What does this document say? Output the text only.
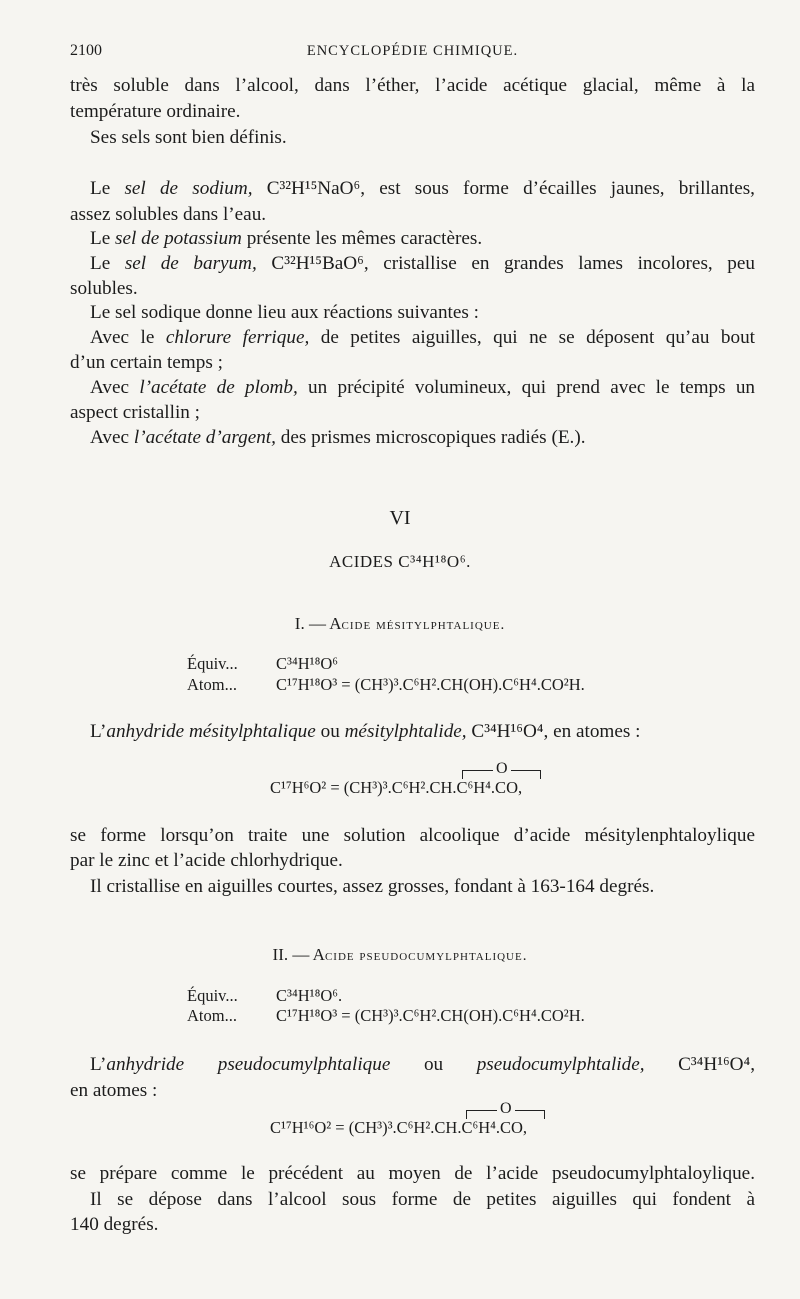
2100	ENCYCLOPÉDIE CHIMIQUE.
très soluble dans l’alcool, dans l’éther, l’acide acétique glacial, même à la
température ordinaire.
Ses sels sont bien définis.
Le sel de sodium, C³²H¹⁵NaO⁶, est sous forme d’écailles jaunes, brillantes,
assez solubles dans l’eau.
Le sel de potassium présente les mêmes caractères.
Le sel de baryum, C³²H¹⁵BaO⁶, cristallise en grandes lames incolores, peu
solubles.
Le sel sodique donne lieu aux réactions suivantes :
Avec le chlorure ferrique, de petites aiguilles, qui ne se déposent qu’au bout
d’un certain temps ;
Avec l’acétate de plomb, un précipité volumineux, qui prend avec le temps un
aspect cristallin ;
Avec l’acétate d’argent, des prismes microscopiques radiés (E.).
VI
ACIDES C³⁴H¹⁸O⁶.
I. — Acide mésitylphtalique.
Équiv... C³⁴H¹⁸O⁶
Atom... C¹⁷H¹⁸O³ = (CH³)³.C⁶H².CH(OH).C⁶H⁴.CO²H.
L’anhydride mésitylphtalique ou mésitylphtalide, C³⁴H¹⁶O⁴, en atomes :
O
C¹⁷H⁶O² = (CH³)³.C⁶H².CH.C⁶H⁴.CO,
se forme lorsqu’on traite une solution alcoolique d’acide mésitylenphtaloylique
par le zinc et l’acide chlorhydrique.
Il cristallise en aiguilles courtes, assez grosses, fondant à 163-164 degrés.
II. — Acide pseudocumylphtalique.
Équiv... C³⁴H¹⁸O⁶.
Atom... C¹⁷H¹⁸O³ = (CH³)³.C⁶H².CH(OH).C⁶H⁴.CO²H.
L’anhydride pseudocumylphtalique ou pseudocumylphtalide, C³⁴H¹⁶O⁴,
en atomes :
O
C¹⁷H¹⁶O² = (CH³)³.C⁶H².CH.C⁶H⁴.CO,
se prépare comme le précédent au moyen de l’acide pseudocumylphtaloylique.
Il se dépose dans l’alcool sous forme de petites aiguilles qui fondent à
140 degrés.
